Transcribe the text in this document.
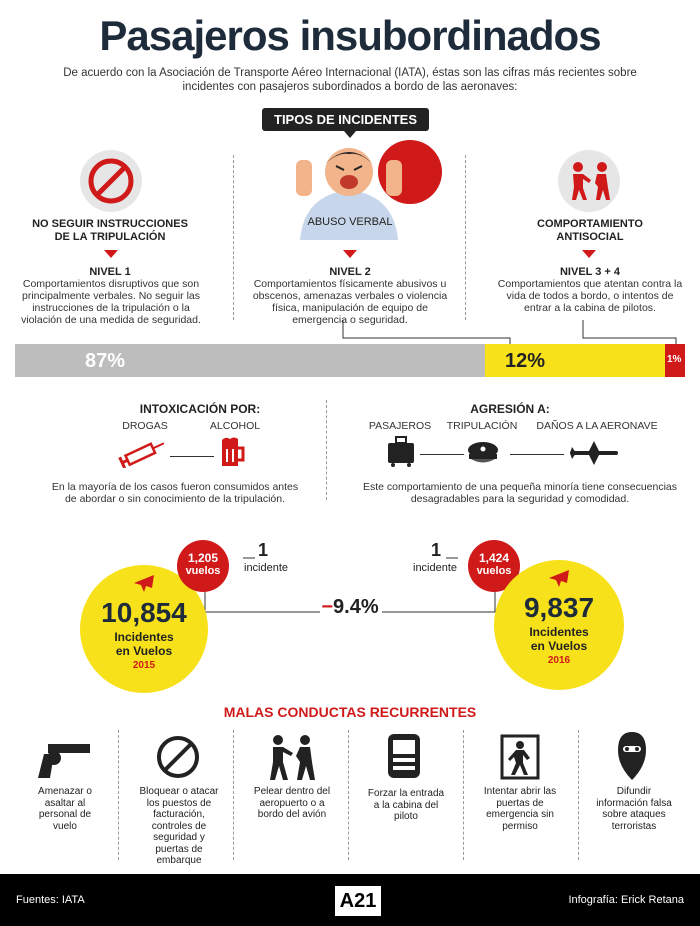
Pasajeros insubordinados
De acuerdo con la Asociación de Transporte Aéreo Internacional (IATA), éstas son las cifras más recientes sobre incidentes con pasajeros subordinados a bordo de las aeronaves:
TIPOS DE INCIDENTES
NO SEGUIR INSTRUCCIONES DE LA TRIPULACIÓN
NIVEL 1
Comportamientos disruptivos que son principalmente verbales. No seguir las instrucciones de la tripulación o la violación de una medida de seguridad.
ABUSO VERBAL
NIVEL 2
Comportamientos físicamente abusivos u obscenos, amenazas verbales o violencia física, manipulación de equipo de emergencia o seguridad.
COMPORTAMIENTO ANTISOCIAL
NIVEL 3 + 4
Comportamientos que atentan contra la vida de todos a bordo, o intentos de entrar a la cabina de pilotos.
87%	12%	1%
INTOXICACIÓN POR:
DROGAS	ALCOHOL
En la mayoría de los casos fueron consumidos antes de abordar o sin conocimiento de la tripulación.
AGRESIÓN A:
PASAJEROS	TRIPULACIÓN	DAÑOS A LA AERONAVE
Este comportamiento de una pequeña minoría tiene consecuencias desagradables para la seguridad y comodidad.
10,854
Incidentes en Vuelos
2015
1,205
vuelos
1
incidente
−9.4%
1
incidente
1,424
vuelos
9,837
Incidentes en Vuelos
2016
MALAS CONDUCTAS RECURRENTES
Amenazar o asaltar al personal de vuelo
Bloquear o atacar los puestos de facturación, controles de seguridad y puertas de embarque
Pelear dentro del aeropuerto o a bordo del avión
Forzar la entrada a la cabina del piloto
Intentar abrir las puertas de emergencia sin permiso
Difundir información falsa sobre ataques terroristas
Fuentes: IATA	A21	Infografía: Erick Retana
